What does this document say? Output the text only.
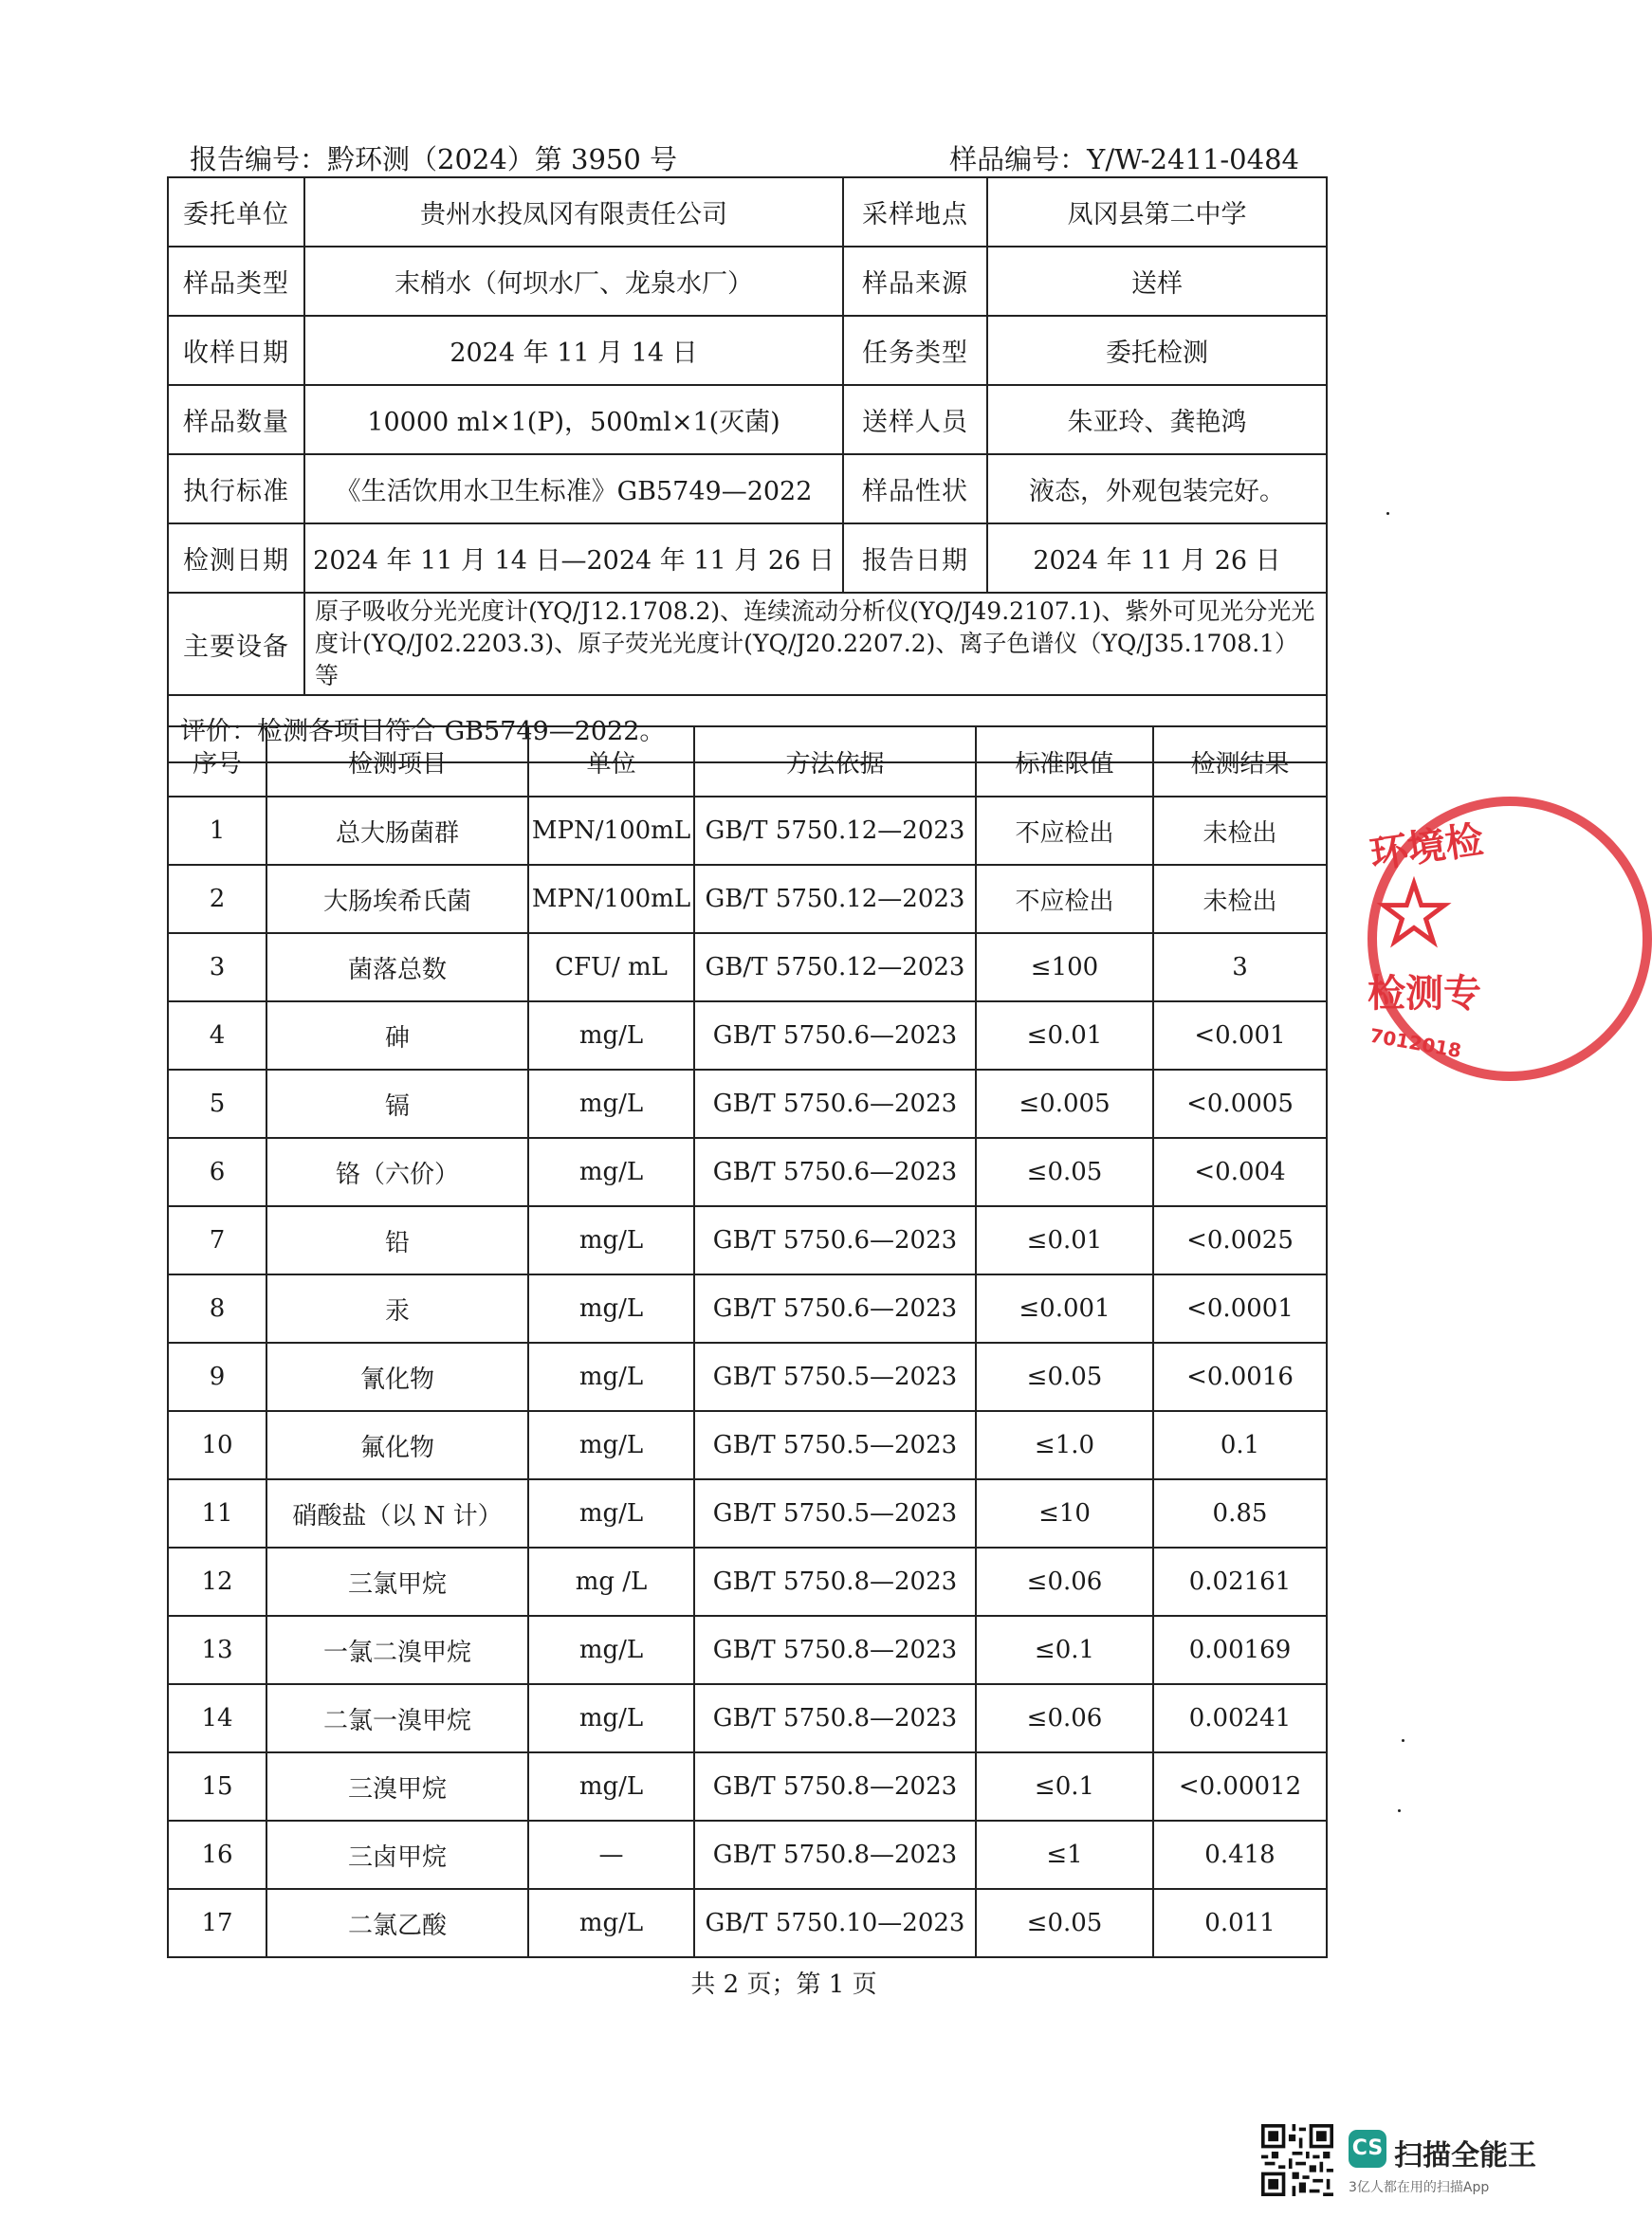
报告编号：黔环测（2024）第 3950 号	样品编号：Y/W-2411-0484
委托单位	贵州水投凤冈有限责任公司	采样地点	凤冈县第二中学
样品类型	末梢水（何坝水厂、龙泉水厂）	样品来源	送样
收样日期	2024 年 11 月 14 日	任务类型	委托检测
样品数量	10000 ml×1(P)，500ml×1(灭菌)	送样人员	朱亚玲、龚艳鸿
执行标准	《生活饮用水卫生标准》GB5749—2022	样品性状	液态，外观包装完好。
检测日期	2024 年 11 月 14 日—2024 年 11 月 26 日	报告日期	2024 年 11 月 26 日
主要设备	原子吸收分光光度计(YQ/J12.1708.2)、连续流动分析仪(YQ/J49.2107.1)、紫外可见光分光光
度计(YQ/J02.2203.3)、原子荧光光度计(YQ/J20.2207.2)、离子色谱仪（YQ/J35.1708.1）等		

评价：检测各项目符合 GB5749—2022。			
序号	检测项目	单位	方法依据	标准限值	检测结果
1	总大肠菌群	MPN/100mL	GB/T 5750.12—2023	不应检出	未检出
2	大肠埃希氏菌	MPN/100mL	GB/T 5750.12—2023	不应检出	未检出
3	菌落总数	CFU/ mL	GB/T 5750.12—2023	≤100	3
4	砷	mg/L	GB/T 5750.6—2023	≤0.01	<0.001
5	镉	mg/L	GB/T 5750.6—2023	≤0.005	<0.0005
6	铬（六价）	mg/L	GB/T 5750.6—2023	≤0.05	<0.004
7	铅	mg/L	GB/T 5750.6—2023	≤0.01	<0.0025
8	汞	mg/L	GB/T 5750.6—2023	≤0.001	<0.0001
9	氰化物	mg/L	GB/T 5750.5—2023	≤0.05	<0.0016
10	氟化物	mg/L	GB/T 5750.5—2023	≤1.0	0.1
11	硝酸盐（以 N 计）	mg/L	GB/T 5750.5—2023	≤10	0.85
12	三氯甲烷	mg /L	GB/T 5750.8—2023	≤0.06	0.02161
13	一氯二溴甲烷	mg/L	GB/T 5750.8—2023	≤0.1	0.00169
14	二氯一溴甲烷	mg/L	GB/T 5750.8—2023	≤0.06	0.00241
15	三溴甲烷	mg/L	GB/T 5750.8—2023	≤0.1	<0.00012
16	三卤甲烷	—	GB/T 5750.8—2023	≤1	0.418
17	二氯乙酸	mg/L	GB/T 5750.10—2023	≤0.05	0.011
共 2 页；第 1 页
环境检
检测专
7012018
CS 扫描全能王
3亿人都在用的扫描App
